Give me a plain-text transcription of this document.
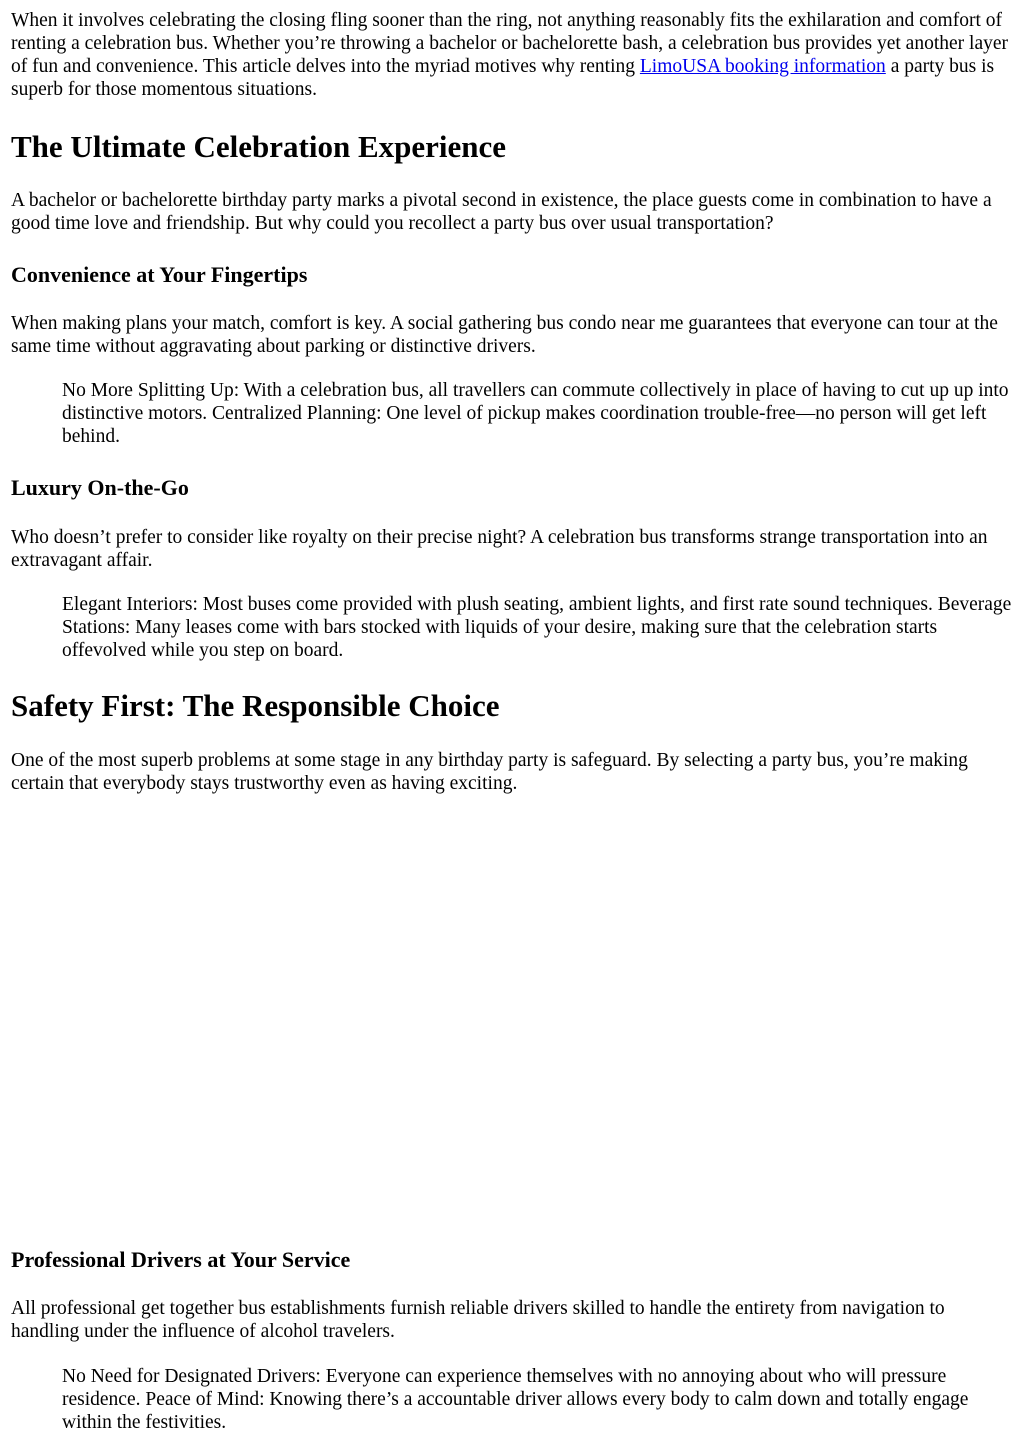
When it involves celebrating the closing fling sooner than the ring, not anything reasonably fits the exhilaration and comfort of renting a celebration bus. Whether you’re throwing a bachelor or bachelorette bash, a celebration bus provides yet another layer of fun and convenience. This article delves into the myriad motives why renting LimoUSA booking information a party bus is superb for those momentous situations.

The Ultimate Celebration Experience

A bachelor or bachelorette birthday party marks a pivotal second in existence, the place guests come in combination to have a good time love and friendship. But why could you recollect a party bus over usual transportation?

Convenience at Your Fingertips

When making plans your match, comfort is key. A social gathering bus condo near me guarantees that everyone can tour at the same time without aggravating about parking or distinctive drivers.

No More Splitting Up: With a celebration bus, all travellers can commute collectively in place of having to cut up up into distinctive motors. Centralized Planning: One level of pickup makes coordination trouble-free—no person will get left behind.
Luxury On-the-Go

Who doesn’t prefer to consider like royalty on their precise night? A celebration bus transforms strange transportation into an extravagant affair.

Elegant Interiors: Most buses come provided with plush seating, ambient lights, and first rate sound techniques. Beverage Stations: Many leases come with bars stocked with liquids of your desire, making sure that the celebration starts offevolved while you step on board.
Safety First: The Responsible Choice

One of the most superb problems at some stage in any birthday party is safeguard. By selecting a party bus, you’re making certain that everybody stays trustworthy even as having exciting.

Professional Drivers at Your Service

All professional get together bus establishments furnish reliable drivers skilled to handle the entirety from navigation to handling under the influence of alcohol travelers.

No Need for Designated Drivers: Everyone can experience themselves with no annoying about who will pressure residence. Peace of Mind: Knowing there’s a accountable driver allows every body to calm down and totally engage within the festivities.
